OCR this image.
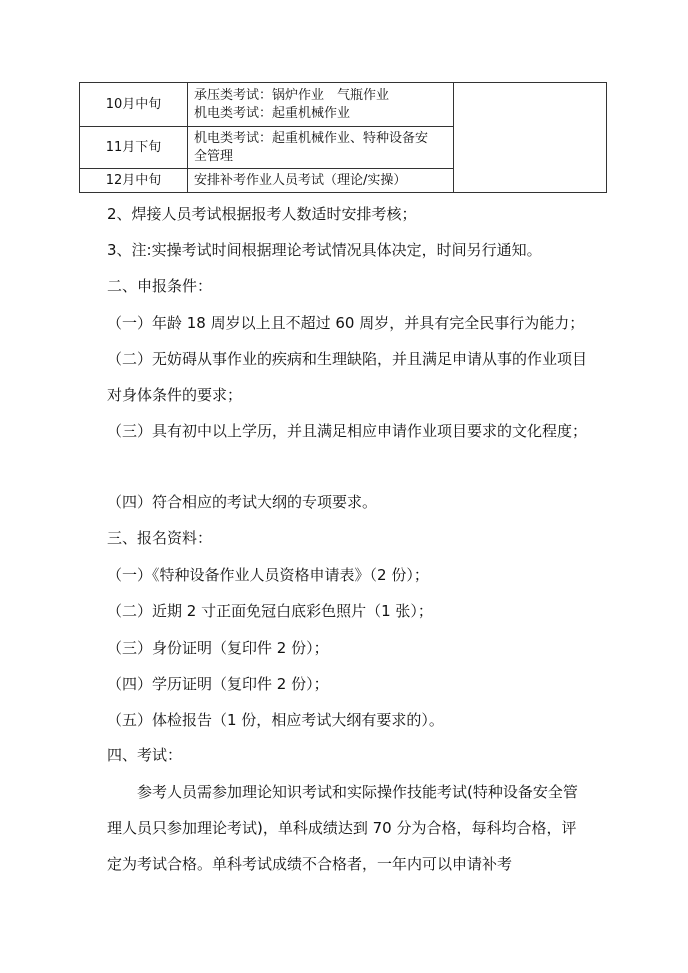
10月中旬	承压类考试：锅炉作业　气瓶作业
机电类考试：起重机械作业	

11月下旬	机电类考试：起重机械作业、特种设备安
全管理	

12月中旬	安排补考作业人员考试（理论/实操）	
2、焊接人员考试根据报考人数适时安排考核；
3、注:实操考试时间根据理论考试情况具体决定，时间另行通知。
二、申报条件：
（一）年龄 18 周岁以上且不超过 60 周岁，并具有完全民事行为能力；
（二）无妨碍从事作业的疾病和生理缺陷，并且满足申请从事的作业项目对身体条件的要求；
（三）具有初中以上学历，并且满足相应申请作业项目要求的文化程度；
（四）符合相应的考试大纲的专项要求。
三、报名资料：
（一）《特种设备作业人员资格申请表》（2 份）；
（二）近期 2 寸正面免冠白底彩色照片（1 张）；
（三）身份证明（复印件 2 份）；
（四）学历证明（复印件 2 份）；
（五）体检报告（1 份，相应考试大纲有要求的）。
四、考试：
参考人员需参加理论知识考试和实际操作技能考试(特种设备安全管理人员只参加理论考试)，单科成绩达到 70 分为合格，每科均合格，评定为考试合格。单科考试成绩不合格者，一年内可以申请补考
